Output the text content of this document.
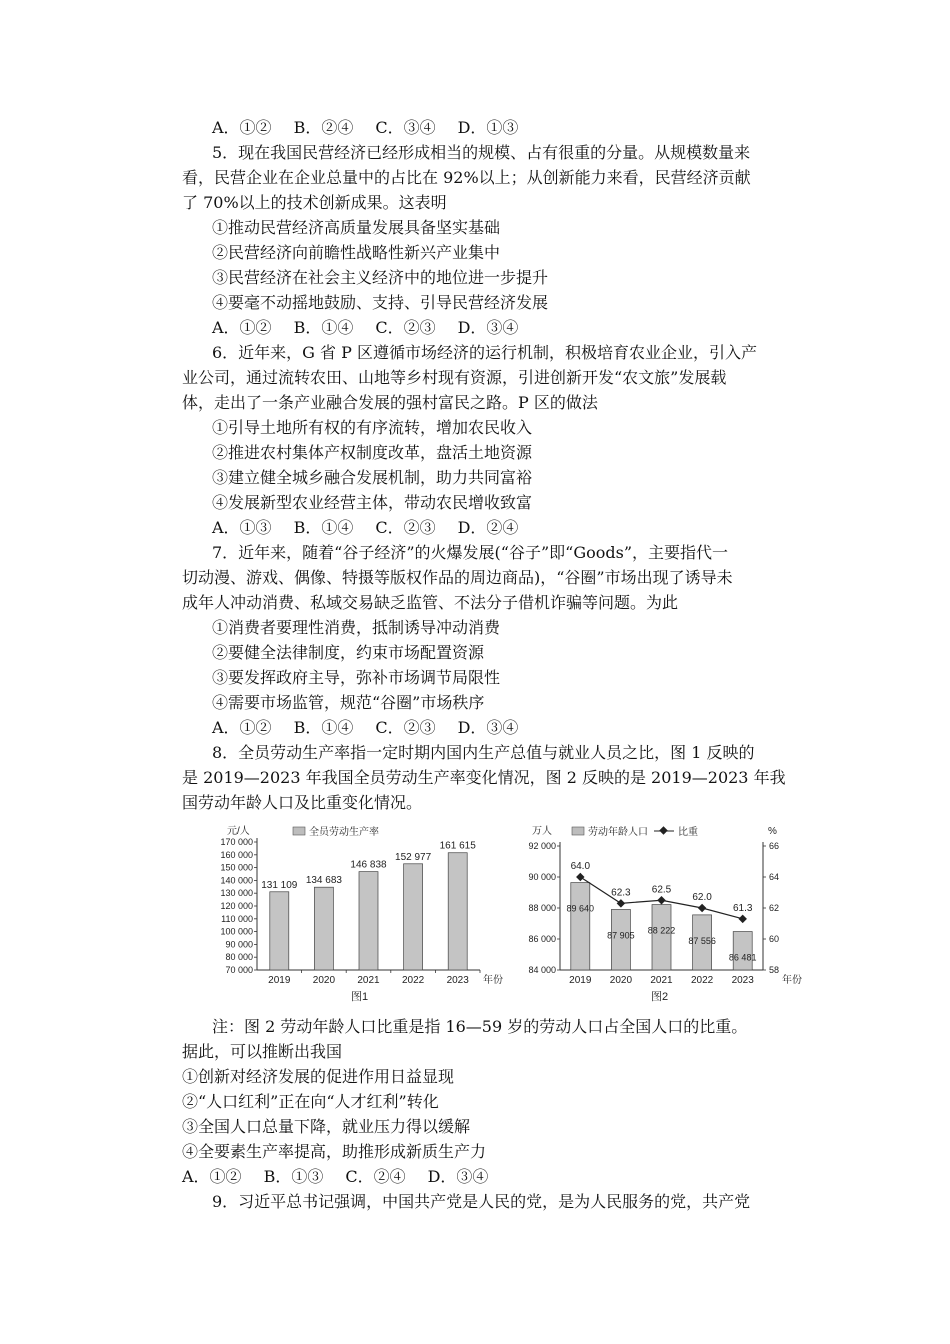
A．①② B．②④ C．③④ D．①③
5．现在我国民营经济已经形成相当的规模、占有很重的分量。从规模数量来
看，民营企业在企业总量中的占比在 92%以上；从创新能力来看，民营经济贡献
了 70%以上的技术创新成果。这表明
①推动民营经济高质量发展具备坚实基础
②民营经济向前瞻性战略性新兴产业集中
③民营经济在社会主义经济中的地位进一步提升
④要毫不动摇地鼓励、支持、引导民营经济发展
A．①② B．①④ C．②③ D．③④
6．近年来，G 省 P 区遵循市场经济的运行机制，积极培育农业企业，引入产
业公司，通过流转农田、山地等乡村现有资源，引进创新开发“农文旅”发展载
体，走出了一条产业融合发展的强村富民之路。P 区的做法
①引导土地所有权的有序流转，增加农民收入
②推进农村集体产权制度改革，盘活土地资源
③建立健全城乡融合发展机制，助力共同富裕
④发展新型农业经营主体，带动农民增收致富
A．①③ B．①④ C．②③ D．②④
7．近年来，随着“谷子经济”的火爆发展(“谷子”即“Goods”，主要指代一
切动漫、游戏、偶像、特摄等版权作品的周边商品)，“谷圈”市场出现了诱导未
成年人冲动消费、私域交易缺乏监管、不法分子借机诈骗等问题。为此
①消费者要理性消费，抵制诱导冲动消费
②要健全法律制度，约束市场配置资源
③要发挥政府主导，弥补市场调节局限性
④需要市场监管，规范“谷圈”市场秩序
A．①② B．①④ C．②③ D．③④
8．全员劳动生产率指一定时期内国内生产总值与就业人员之比，图 1 反映的
是 2019—2023 年我国全员劳动生产率变化情况，图 2 反映的是 2019—2023 年我
国劳动年龄人口及比重变化情况。
元/人	全员劳动生产率
170 000
160 000
150 000
140 000
130 000
120 000
110 000
100 000
90 000
80 000
70 000
131 109
2019
134 683
2020
146 838
2021
152 977
2022
161 615
2023 年份
图1
万人	%
劳动年龄人口	比重
92 000
90 000
88 000
86 000
84 000
66
64
62
60
58
89 640
2019
87 905
2020
88 222
2021
87 556
2022
86 481
2023
64.0
62.3 62.5
62.0
61.3
年份
图2
注：图 2 劳动年龄人口比重是指 16—59 岁的劳动人口占全国人口的比重。
据此，可以推断出我国
①创新对经济发展的促进作用日益显现
②“人口红利”正在向“人才红利”转化
③全国人口总量下降，就业压力得以缓解
④全要素生产率提高，助推形成新质生产力
A．①② B．①③ C．②④ D．③④
9．习近平总书记强调，中国共产党是人民的党，是为人民服务的党，共产党
